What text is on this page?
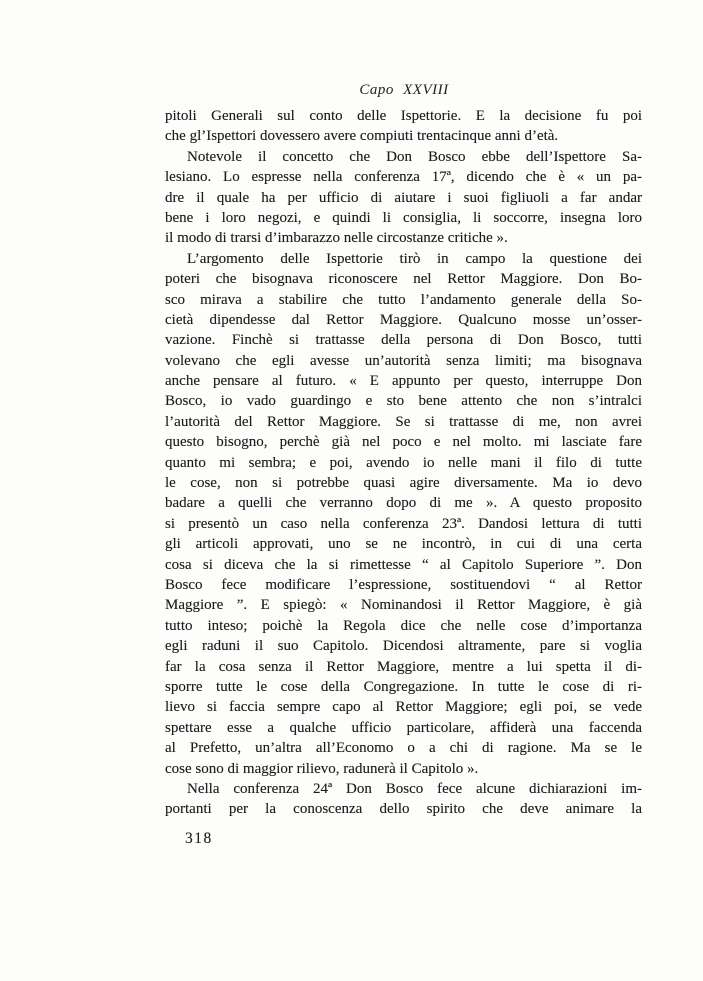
Capo XXVIII
pitoli Generali sul conto delle Ispettorie. E la decisione fu poi
che gl’Ispettori dovessero avere compiuti trentacinque anni d’età.
Notevole il concetto che Don Bosco ebbe dell’Ispettore Sa-
lesiano. Lo espresse nella conferenza 17ª, dicendo che è « un pa-
dre il quale ha per ufficio di aiutare i suoi figliuoli a far andar
bene i loro negozi, e quindi li consiglia, li soccorre, insegna loro
il modo di trarsi d’imbarazzo nelle circostanze critiche ».
L’argomento delle Ispettorie tirò in campo la questione dei
poteri che bisognava riconoscere nel Rettor Maggiore. Don Bo-
sco mirava a stabilire che tutto l’andamento generale della So-
cietà dipendesse dal Rettor Maggiore. Qualcuno mosse un’osser-
vazione. Finchè si trattasse della persona di Don Bosco, tutti
volevano che egli avesse un’autorità senza limiti; ma bisognava
anche pensare al futuro. « E appunto per questo, interruppe Don
Bosco, io vado guardingo e sto bene attento che non s’intralci
l’autorità del Rettor Maggiore. Se si trattasse di me, non avrei
questo bisogno, perchè già nel poco e nel molto. mi lasciate fare
quanto mi sembra; e poi, avendo io nelle mani il filo di tutte
le cose, non si potrebbe quasi agire diversamente. Ma io devo
badare a quelli che verranno dopo di me ». A questo proposito
si presentò un caso nella conferenza 23ª. Dandosi lettura di tutti
gli articoli approvati, uno se ne incontrò, in cui di una certa
cosa si diceva che la si rimettesse “ al Capitolo Superiore ”. Don
Bosco fece modificare l’espressione, sostituendovi “ al Rettor
Maggiore ”. E spiegò: « Nominandosi il Rettor Maggiore, è già
tutto inteso; poichè la Regola dice che nelle cose d’importanza
egli raduni il suo Capitolo. Dicendosi altramente, pare si voglia
far la cosa senza il Rettor Maggiore, mentre a lui spetta il di-
sporre tutte le cose della Congregazione. In tutte le cose di ri-
lievo si faccia sempre capo al Rettor Maggiore; egli poi, se vede
spettare esse a qualche ufficio particolare, affiderà una faccenda
al Prefetto, un’altra all’Economo o a chi di ragione. Ma se le
cose sono di maggior rilievo, radunerà il Capitolo ».
Nella conferenza 24ª Don Bosco fece alcune dichiarazioni im-
portanti per la conoscenza dello spirito che deve animare la
318
